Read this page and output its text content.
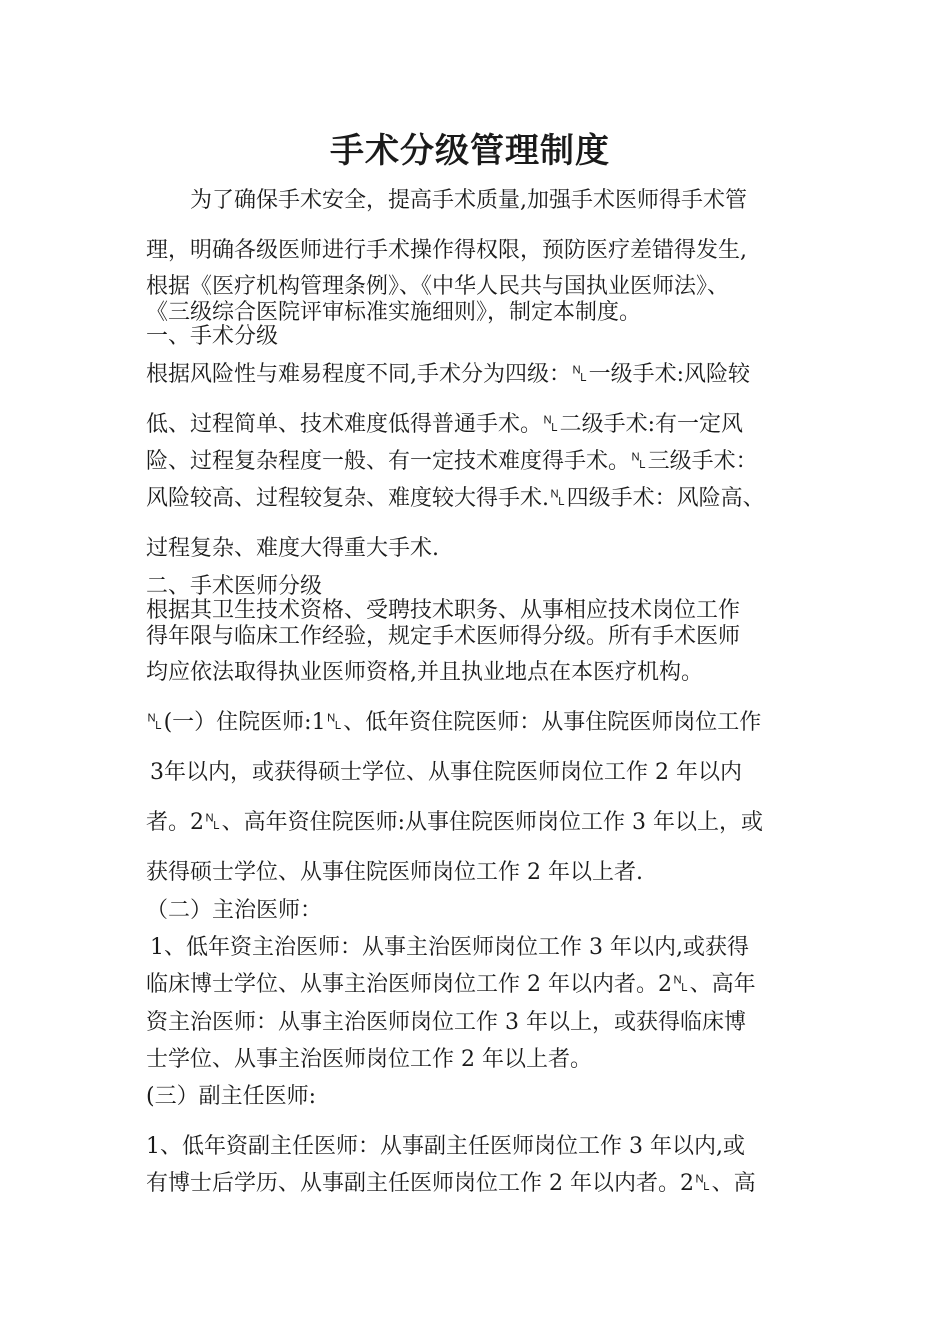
手术分级管理制度

为了确保手术安全，提高手术质量,加强手术医师得手术管

理，明确各级医师进行手术操作得权限，预防医疗差错得发生,

根据《医疗机构管理条例》、《中华人民共与国执业医师法》、

《三级综合医院评审标准实施细则》，制定本制度。

一、手术分级

根据风险性与难易程度不同,手术分为四级：␤一级手术:风险较

低、过程简单、技术难度低得普通手术。␤二级手术:有一定风

险、过程复杂程度一般、有一定技术难度得手术。␤三级手术：

风险较高、过程较复杂、难度较大得手术.␤四级手术：风险高、

过程复杂、难度大得重大手术.

二、手术医师分级

根据其卫生技术资格、受聘技术职务、从事相应技术岗位工作

得年限与临床工作经验，规定手术医师得分级。所有手术医师

均应依法取得执业医师资格,并且执业地点在本医疗机构。

␤(一）住院医师:1␤、低年资住院医师：从事住院医师岗位工作

3年以内，或获得硕士学位、从事住院医师岗位工作 2 年以内

者。2␤、高年资住院医师:从事住院医师岗位工作 3 年以上，或

获得硕士学位、从事住院医师岗位工作 2 年以上者.

（二）主治医师：

1、低年资主治医师：从事主治医师岗位工作 3 年以内,或获得

临床博士学位、从事主治医师岗位工作 2 年以内者。2␤、高年

资主治医师：从事主治医师岗位工作 3 年以上，或获得临床博

士学位、从事主治医师岗位工作 2 年以上者。

(三）副主任医师:

1、低年资副主任医师：从事副主任医师岗位工作 3 年以内,或

有博士后学历、从事副主任医师岗位工作 2 年以内者。2␤、高
